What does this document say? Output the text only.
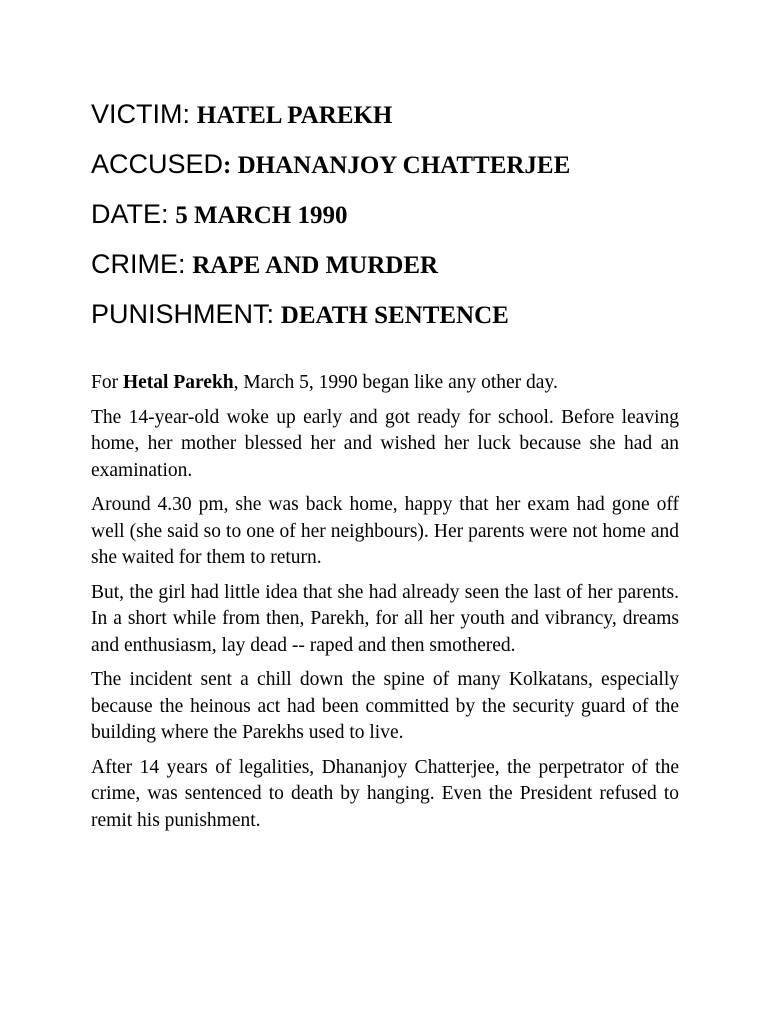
VICTIM: HATEL PAREKH
ACCUSED: DHANANJOY CHATTERJEE
DATE: 5 MARCH 1990
CRIME: RAPE AND MURDER
PUNISHMENT: DEATH SENTENCE

For Hetal Parekh, March 5, 1990 began like any other day.

The 14-year-old woke up early and got ready for school. Before leaving home, her mother blessed her and wished her luck because she had an examination.

Around 4.30 pm, she was back home, happy that her exam had gone off well (she said so to one of her neighbours). Her parents were not home and she waited for them to return.

But, the girl had little idea that she had already seen the last of her parents. In a short while from then, Parekh, for all her youth and vibrancy, dreams and enthusiasm, lay dead -- raped and then smothered.

The incident sent a chill down the spine of many Kolkatans, especially because the heinous act had been committed by the security guard of the building where the Parekhs used to live.

After 14 years of legalities, Dhananjoy Chatterjee, the perpetrator of the crime, was sentenced to death by hanging. Even the President refused to remit his punishment.
